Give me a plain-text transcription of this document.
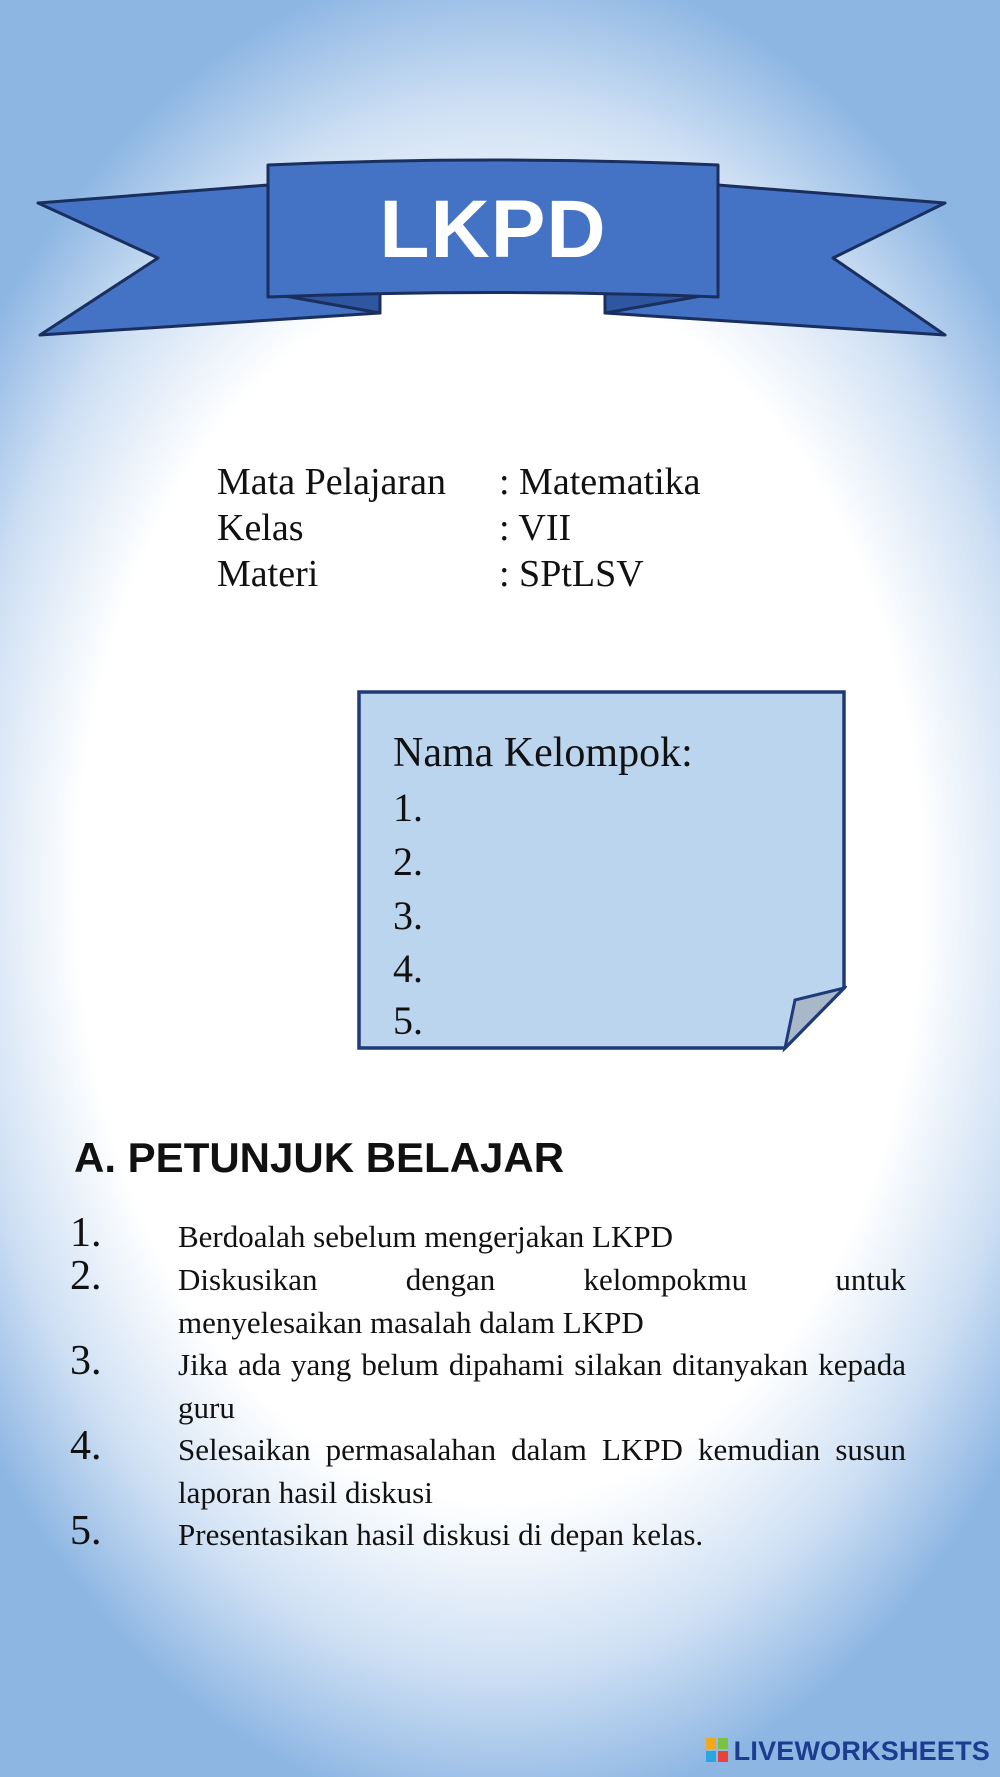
LKPD
Mata Pelajaran : Matematika
Kelas	: VII
Materi	: SPtLSV
Nama Kelompok:
1.
2.
3.
4.
5.
A. PETUNJUK BELAJAR
1. Berdoalah sebelum mengerjakan LKPD
2. Diskusikan dengan kelompokmu untuk
menyelesaikan masalah dalam LKPD
3. Jika ada yang belum dipahami silakan ditanyakan kepada guru
4. Selesaikan permasalahan dalam LKPD kemudian susun laporan hasil diskusi
5. Presentasikan hasil diskusi di depan kelas.
LIVEWORKSHEETS
